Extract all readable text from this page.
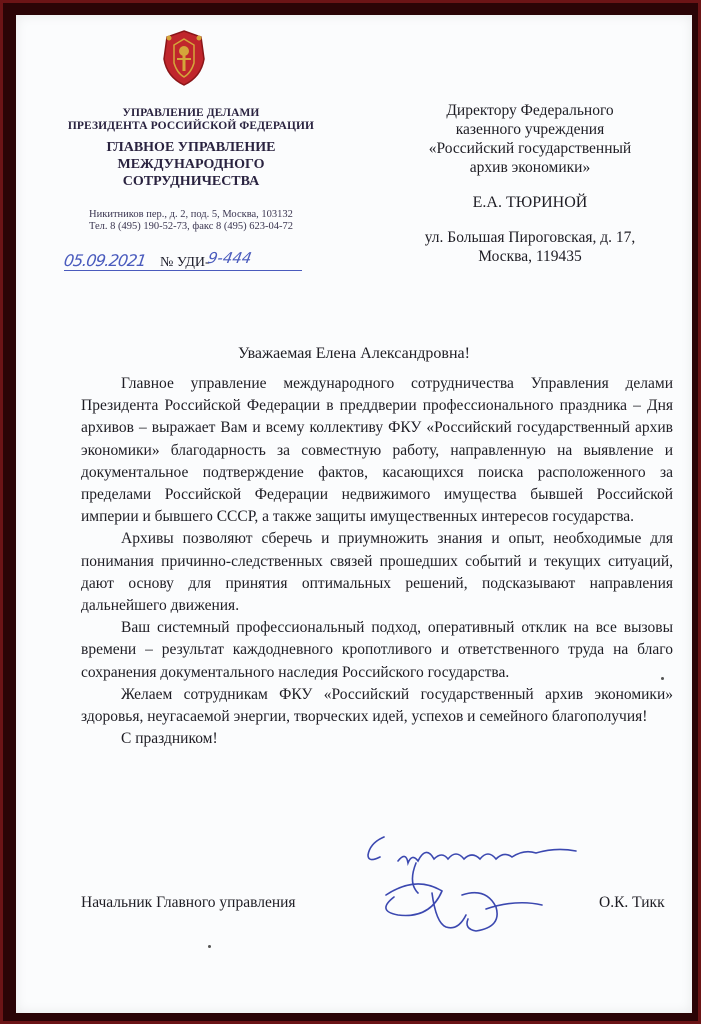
УПРАВЛЕНИЕ ДЕЛАМИ
ПРЕЗИДЕНТА РОССИЙСКОЙ ФЕДЕРАЦИИ
ГЛАВНОЕ УПРАВЛЕНИЕ
МЕЖДУНАРОДНОГО
СОТРУДНИЧЕСТВА
Никитников пер., д. 2, под. 5, Москва, 103132
Тел. 8 (495) 190-52-73, факс 8 (495) 623-04-72
05.09.2021 № УДИ-
9-444
Директору Федерального
казенного учреждения
«Российский государственный
архив экономики»
Е.А. ТЮРИНОЙ
ул. Большая Пироговская, д. 17,
Москва, 119435
Уважаемая Елена Александровна!

Главное управление международного сотрудничества Управления делами Президента Российской Федерации в преддверии профессионального праздника – Дня архивов – выражает Вам и всему коллективу ФКУ «Российский государственный архив экономики» благодарность за совместную работу, направленную на выявление и документальное подтверждение фактов, касающихся поиска расположенного за пределами Российской Федерации недвижимого имущества бывшей Российской империи и бывшего СССР, а также защиты имущественных интересов государства.

Архивы позволяют сберечь и приумножить знания и опыт, необходимые для понимания причинно-следственных связей прошедших событий и текущих ситуаций, дают основу для принятия оптимальных решений, подсказывают направления дальнейшего движения.

Ваш системный профессиональный подход, оперативный отклик на все вызовы времени – результат каждодневного кропотливого и ответственного труда на благо сохранения документального наследия Российского государства.

Желаем сотрудникам ФКУ «Российский государственный архив экономики» здоровья, неугасаемой энергии, творческих идей, успехов и семейного благополучия!

С праздником!

Начальник Главного управления	О.К. Тикк
